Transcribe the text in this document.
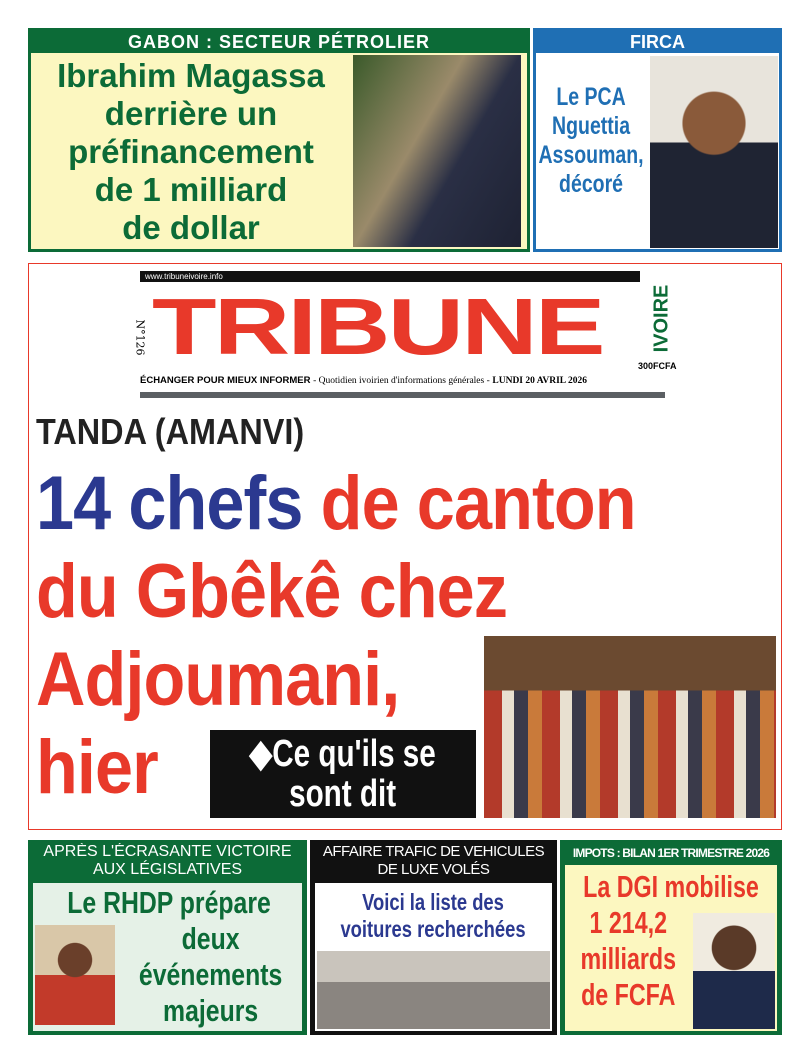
GABON : SECTEUR PÉTROLIER
Ibrahim Magassa
derrière un
préfinancement
de 1 milliard
de dollar
FIRCA
Le PCA
Nguettia
Assouman,
décoré
www.tribuneivoire.info
N°126 TRIBUNE	300FCFA
IVOIRE
ÉCHANGER POUR MIEUX INFORMER - Quotidien ivoirien d'informations générales - LUNDI 20 AVRIL 2026
TANDA (AMANVI)
14 chefs de canton
du Gbêkê chez
Adjoumani,
hier	◆Ce qu'ils se
sont dit
APRÈS L'ÉCRASANTE VICTOIRE
AUX LÉGISLATIVES
Le RHDP prépare
deux
événements
majeurs
AFFAIRE TRAFIC DE VEHICULES
DE LUXE VOLÉS
Voici la liste des
voitures recherchées
IMPOTS : BILAN 1ER TRIMESTRE 2026
La DGI mobilise
1 214,2
milliards
de FCFA
